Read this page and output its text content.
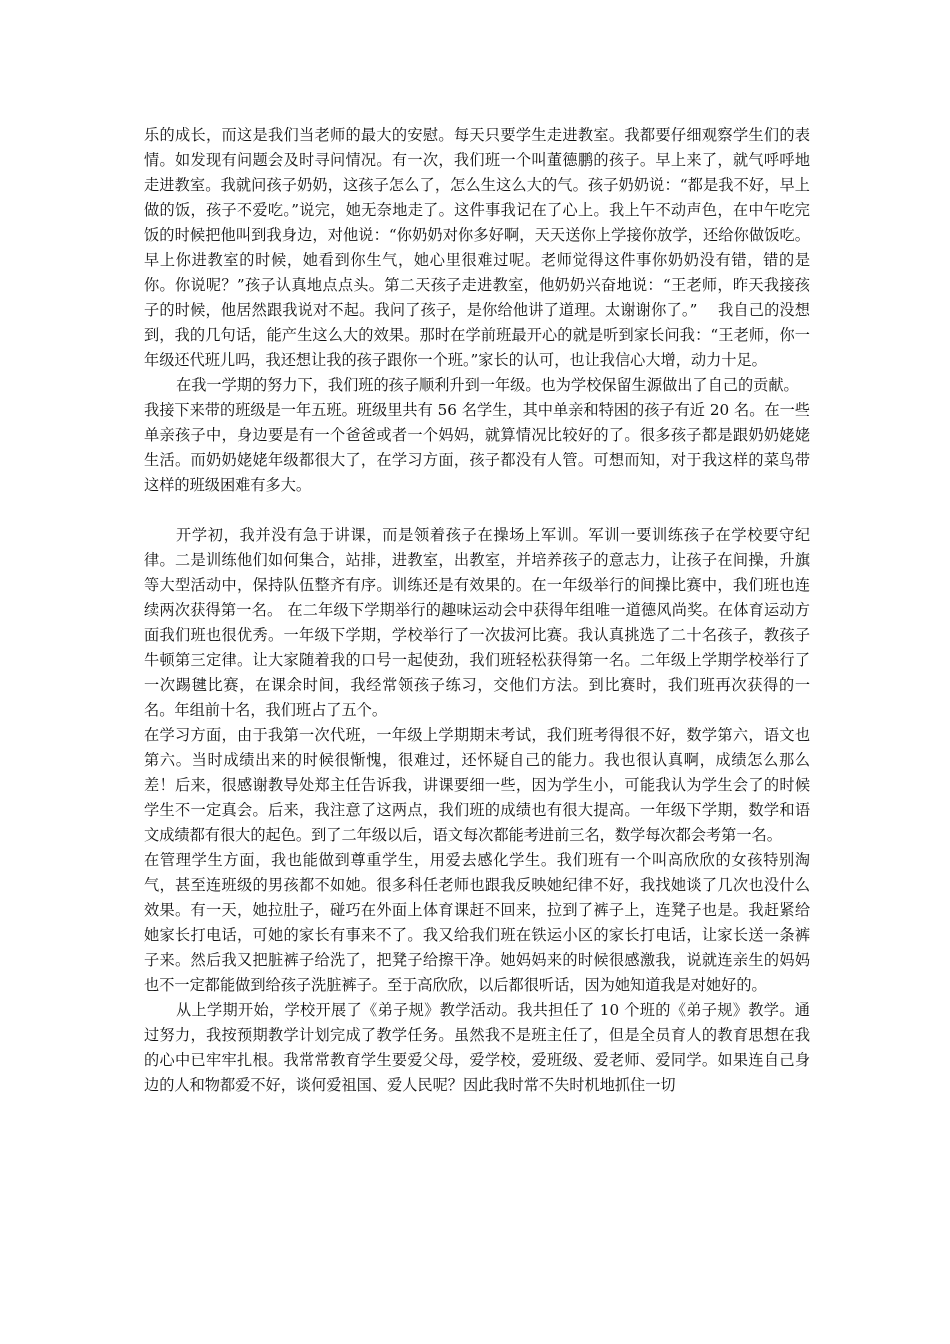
乐的成长，而这是我们当老师的最大的安慰。每天只要学生走进教室。我都要仔细观察学生们的表情。如发现有问题会及时寻问情况。有一次，我们班一个叫董德鹏的孩子。早上来了，就气呼呼地走进教室。我就问孩子奶奶，这孩子怎么了，怎么生这么大的气。孩子奶奶说：“都是我不好，早上做的饭，孩子不爱吃。”说完，她无奈地走了。这件事我记在了心上。我上午不动声色，在中午吃完饭的时候把他叫到我身边，对他说：“你奶奶对你多好啊，天天送你上学接你放学，还给你做饭吃。早上你进教室的时候，她看到你生气，她心里很难过呢。老师觉得这件事你奶奶没有错，错的是你。你说呢？”孩子认真地点点头。第二天孩子走进教室，他奶奶兴奋地说：“王老师，昨天我接孩子的时候，他居然跟我说对不起。我问了孩子，是你给他讲了道理。太谢谢你了。”　 我自己的没想到，我的几句话，能产生这么大的效果。那时在学前班最开心的就是听到家长问我：“王老师，你一年级还代班儿吗，我还想让我的孩子跟你一个班。”家长的认可，也让我信心大增，动力十足。

在我一学期的努力下，我们班的孩子顺利升到一年级。也为学校保留生源做出了自己的贡献。

我接下来带的班级是一年五班。班级里共有 56 名学生，其中单亲和特困的孩子有近 20 名。在一些单亲孩子中，身边要是有一个爸爸或者一个妈妈，就算情况比较好的了。很多孩子都是跟奶奶姥姥生活。而奶奶姥姥年级都很大了，在学习方面，孩子都没有人管。可想而知，对于我这样的菜鸟带这样的班级困难有多大。

开学初，我并没有急于讲课，而是领着孩子在操场上军训。军训一要训练孩子在学校要守纪律。二是训练他们如何集合，站排，进教室，出教室，并培养孩子的意志力，让孩子在间操，升旗等大型活动中，保持队伍整齐有序。训练还是有效果的。在一年级举行的间操比赛中，我们班也连续两次获得第一名。 在二年级下学期举行的趣味运动会中获得年组唯一道德风尚奖。在体育运动方面我们班也很优秀。一年级下学期，学校举行了一次拔河比赛。我认真挑选了二十名孩子，教孩子牛顿第三定律。让大家随着我的口号一起使劲，我们班轻松获得第一名。二年级上学期学校举行了一次踢毽比赛，在课余时间，我经常领孩子练习，交他们方法。到比赛时，我们班再次获得的一名。年组前十名，我们班占了五个。

在学习方面，由于我第一次代班，一年级上学期期末考试，我们班考得很不好，数学第六，语文也第六。当时成绩出来的时候很惭愧，很难过，还怀疑自己的能力。我也很认真啊，成绩怎么那么差！后来，很感谢教导处郑主任告诉我，讲课要细一些，因为学生小，可能我认为学生会了的时候学生不一定真会。后来，我注意了这两点，我们班的成绩也有很大提高。一年级下学期，数学和语文成绩都有很大的起色。到了二年级以后，语文每次都能考进前三名，数学每次都会考第一名。

在管理学生方面，我也能做到尊重学生，用爱去感化学生。我们班有一个叫高欣欣的女孩特别淘气，甚至连班级的男孩都不如她。很多科任老师也跟我反映她纪律不好，我找她谈了几次也没什么效果。有一天，她拉肚子，碰巧在外面上体育课赶不回来，拉到了裤子上，连凳子也是。我赶紧给她家长打电话，可她的家长有事来不了。我又给我们班在铁运小区的家长打电话，让家长送一条裤子来。然后我又把脏裤子给洗了，把凳子给擦干净。她妈妈来的时候很感激我，说就连亲生的妈妈也不一定都能做到给孩子洗脏裤子。至于高欣欣，以后都很听话，因为她知道我是对她好的。

从上学期开始，学校开展了《弟子规》教学活动。我共担任了 10 个班的《弟子规》教学。通过努力，我按预期教学计划完成了教学任务。虽然我不是班主任了，但是全员育人的教育思想在我的心中已牢牢扎根。我常常教育学生要爱父母，爱学校，爱班级、爱老师、爱同学。如果连自己身边的人和物都爱不好，谈何爱祖国、爱人民呢？因此我时常不失时机地抓住一切
